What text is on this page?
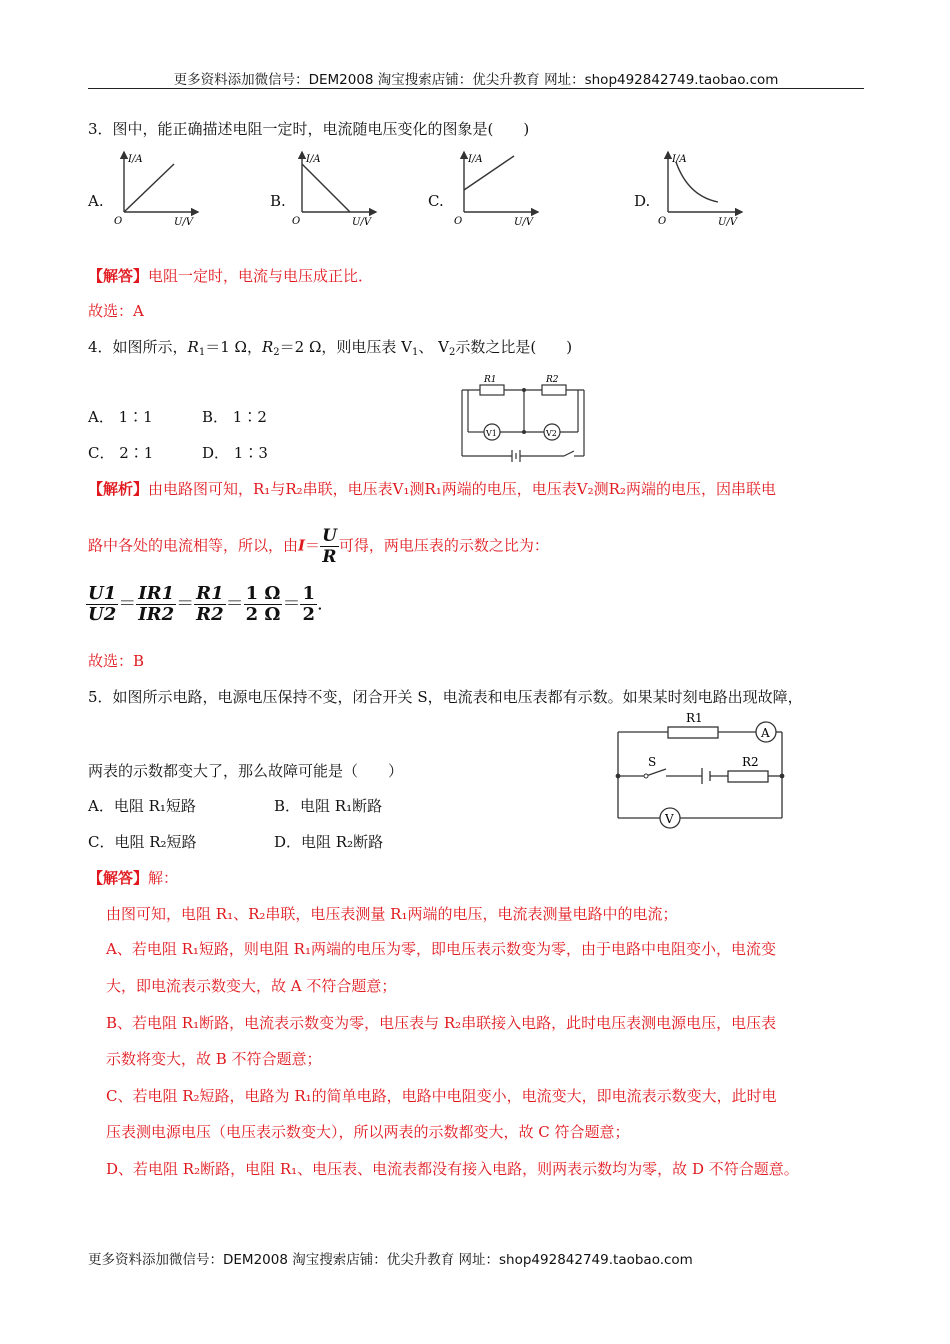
更多资料添加微信号：DEM2008 淘宝搜索店铺：优尖升教育 网址：shop492842749.taobao.com
更多资料添加微信号：DEM2008 淘宝搜索店铺：优尖升教育 网址：shop492842749.taobao.com
3．图中，能正确描述电阻一定时，电流随电压变化的图象是(　　)
A.	B.	C.	D.
I/A
O	U/V
I/A
O	U/V
I/A
O	U/V
I/A
O	U/V
【解答】电阻一定时，电流与电压成正比．
故选：A
4．如图所示，$R_1=1$ Ω，$R_2=2$ Ω，则电压表 $V_1$、 $V_2$示数之比是(　　)
A． 1∶1	B． 1∶2
C． 2∶1	D． 1∶3
R1	R2
V1	V2
【解析】由电路图可知，R₁与R₂串联，电压表V₁测R₁两端的电压，电压表V₂测R₂两端的电压，因串联电
路中各处的电流相等，所以，由$I= \frac{U}{R}$ 可得，两电压表的示数之比为：
$\frac{U1}{U2} = \frac{IR1}{IR2} = \frac{R1}{R2} = \frac{1 \Omega}{2 \Omega} = \frac{1}{2}$ .
故选：B
5．如图所示电路，电源电压保持不变，闭合开关 S，电流表和电压表都有示数。如果某时刻电路出现故障，
两表的示数都变大了，那么故障可能是（　　）
A．电阻 R₁短路	B．电阻 R₁断路
C．电阻 R₂短路	D．电阻 R₂断路
R1
R2
A
V
S
【解答】解：
由图可知，电阻 R₁、R₂串联，电压表测量 R₁两端的电压，电流表测量电路中的电流；
A、若电阻 R₁短路，则电阻 R₁两端的电压为零，即电压表示数变为零，由于电路中电阻变小，电流变
大，即电流表示数变大，故 A 不符合题意；
B、若电阻 R₁断路，电流表示数变为零，电压表与 R₂串联接入电路，此时电压表测电源电压，电压表
示数将变大，故 B 不符合题意；
C、若电阻 R₂短路，电路为 R₁的简单电路，电路中电阻变小，电流变大，即电流表示数变大，此时电
压表测电源电压（电压表示数变大），所以两表的示数都变大，故 C 符合题意；
D、若电阻 R₂断路，电阻 R₁、电压表、电流表都没有接入电路，则两表示数均为零，故 D 不符合题意。
